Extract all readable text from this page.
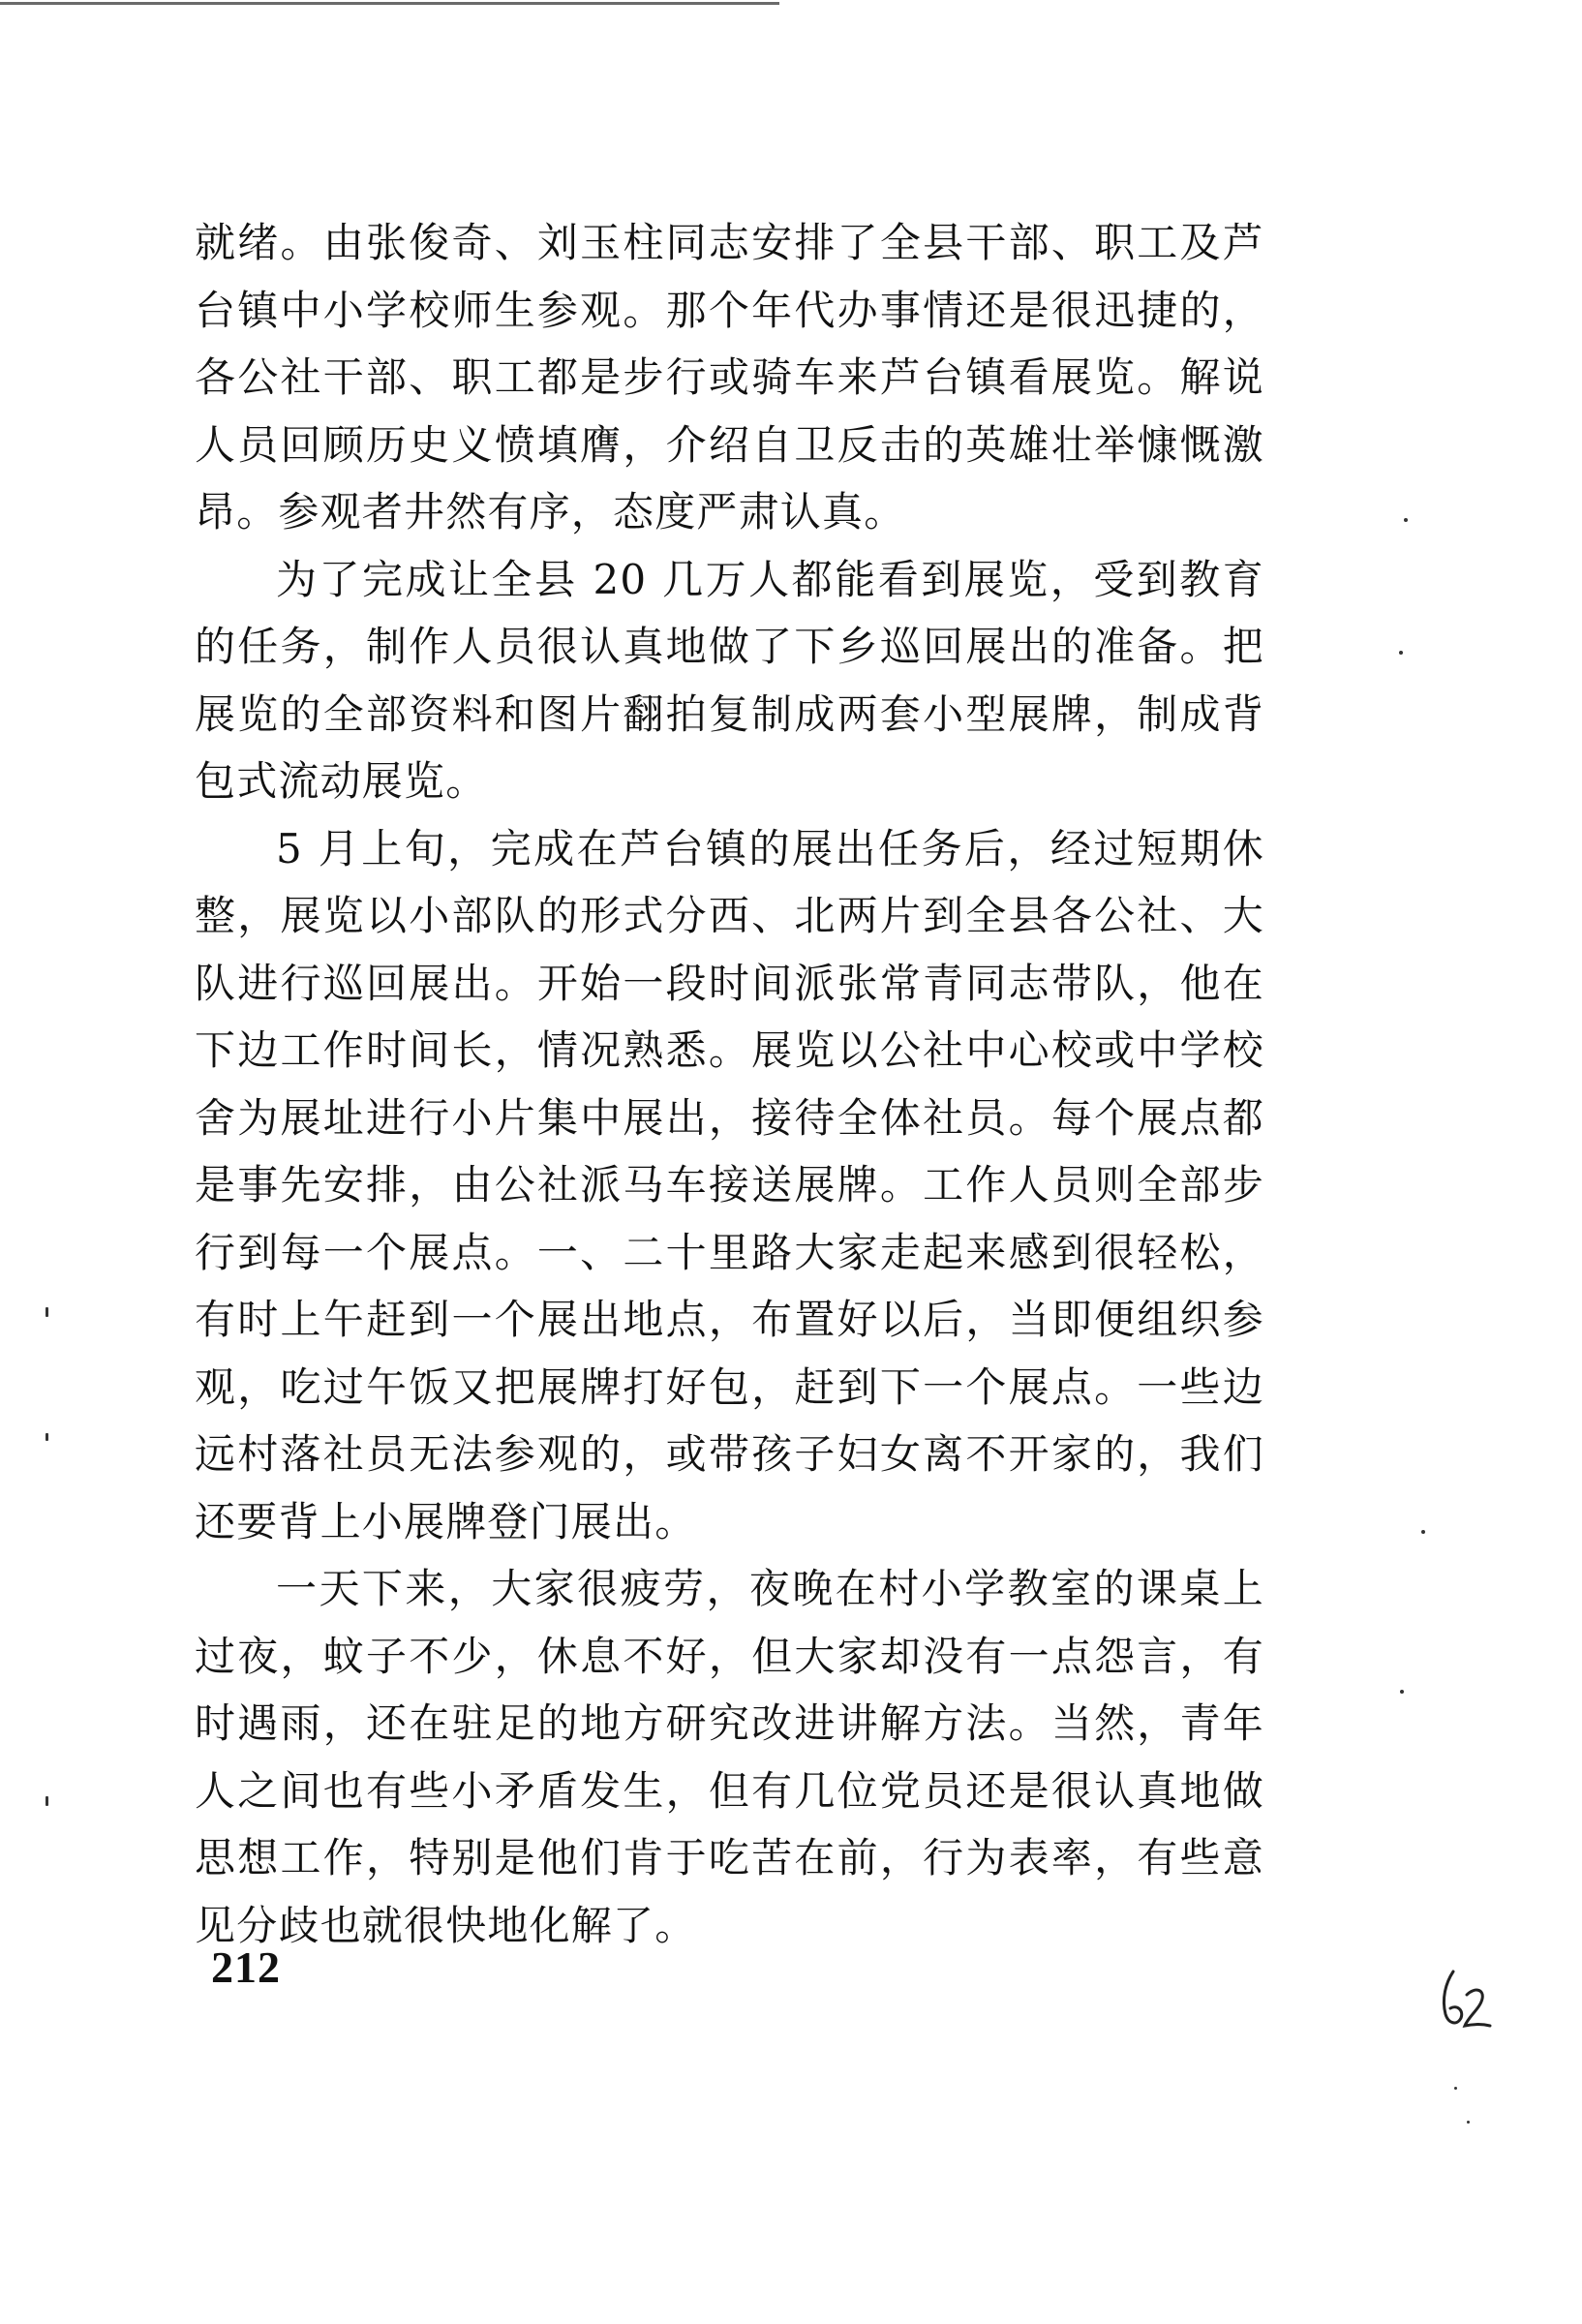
就绪。由张俊奇、刘玉柱同志安排了全县干部、职工及芦台镇中小学校师生参观。那个年代办事情还是很迅捷的，各公社干部、职工都是步行或骑车来芦台镇看展览。解说人员回顾历史义愤填膺，介绍自卫反击的英雄壮举慷慨激昂。参观者井然有序，态度严肃认真。

为了完成让全县 20 几万人都能看到展览，受到教育的任务，制作人员很认真地做了下乡巡回展出的准备。把展览的全部资料和图片翻拍复制成两套小型展牌，制成背包式流动展览。

5 月上旬，完成在芦台镇的展出任务后，经过短期休整，展览以小部队的形式分西、北两片到全县各公社、大队进行巡回展出。开始一段时间派张常青同志带队，他在下边工作时间长，情况熟悉。展览以公社中心校或中学校舍为展址进行小片集中展出，接待全体社员。每个展点都是事先安排，由公社派马车接送展牌。工作人员则全部步行到每一个展点。一、二十里路大家走起来感到很轻松，有时上午赶到一个展出地点，布置好以后，当即便组织参观，吃过午饭又把展牌打好包，赶到下一个展点。一些边远村落社员无法参观的，或带孩子妇女离不开家的，我们还要背上小展牌登门展出。

一天下来，大家很疲劳，夜晚在村小学教室的课桌上过夜，蚊子不少，休息不好，但大家却没有一点怨言，有时遇雨，还在驻足的地方研究改进讲解方法。当然，青年人之间也有些小矛盾发生，但有几位党员还是很认真地做思想工作，特别是他们肯于吃苦在前，行为表率，有些意见分歧也就很快地化解了。

212
